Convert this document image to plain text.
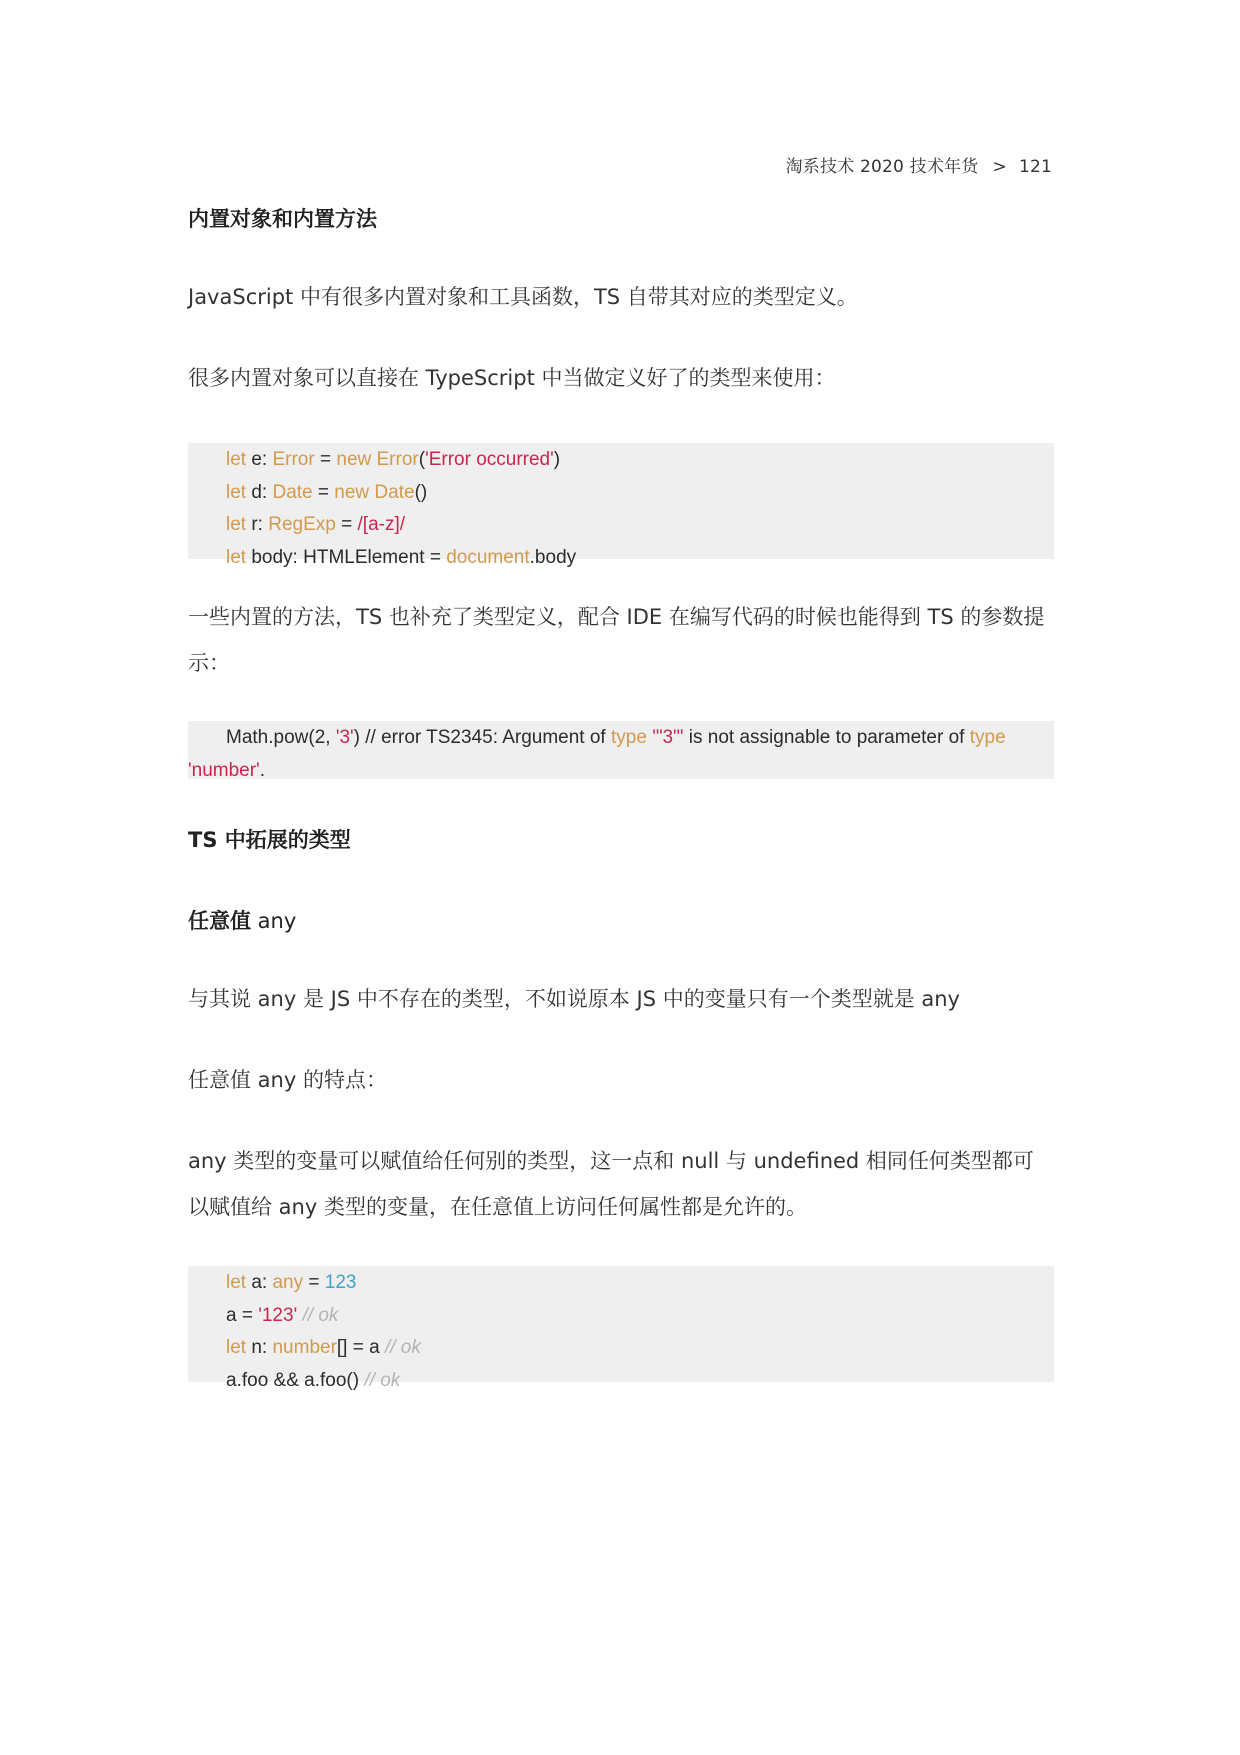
淘系技术 2020 技术年货 > 121
内置对象和内置方法
JavaScript 中有很多内置对象和工具函数，TS 自带其对应的类型定义。
很多内置对象可以直接在 TypeScript 中当做定义好了的类型来使用：
let e: Error = new Error('Error occurred')
let d: Date = new Date()
let r: RegExp = /[a-z]/
let body: HTMLElement = document.body
一些内置的方法，TS 也补充了类型定义，配合 IDE 在编写代码的时候也能得到 TS 的参数提示：
Math.pow(2, '3') // error TS2345: Argument of type '"3"' is not assignable to parameter of type 'number'.
TS 中拓展的类型
任意值 any
与其说 any 是 JS 中不存在的类型，不如说原本 JS 中的变量只有一个类型就是 any
任意值 any 的特点：
any 类型的变量可以赋值给任何别的类型，这一点和 null 与 undefined 相同任何类型都可以赋值给 any 类型的变量，在任意值上访问任何属性都是允许的。
let a: any = 123
a = '123' // ok
let n: number[] = a // ok
a.foo && a.foo() // ok
